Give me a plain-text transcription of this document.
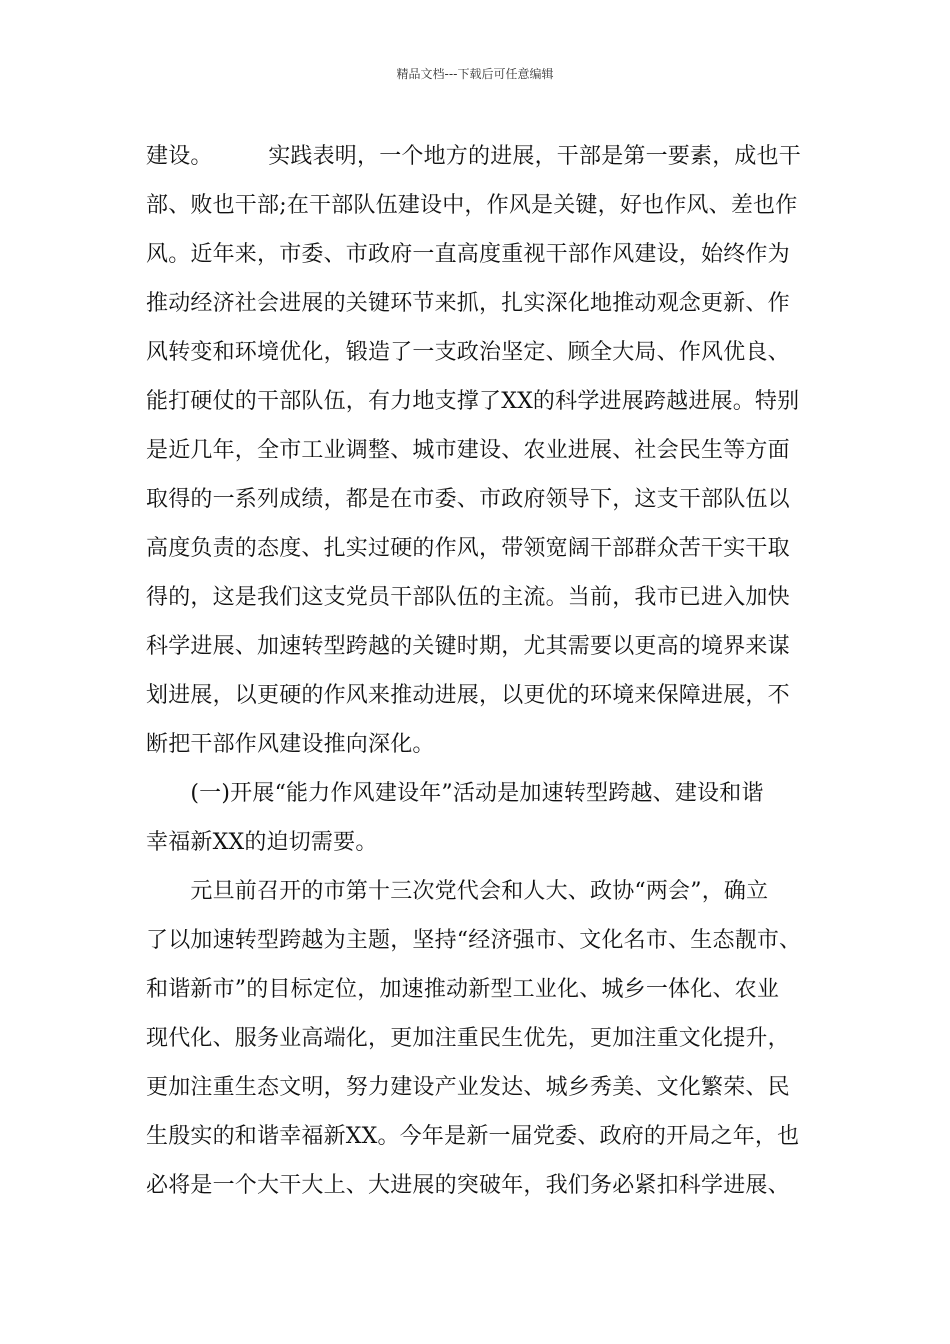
精品文档---下载后可任意编辑
建设。　　　实践表明，一个地方的进展，干部是第一要素，成也干
部、败也干部;在干部队伍建设中，作风是关键，好也作风、差也作
风。近年来，市委、市政府一直高度重视干部作风建设，始终作为
推动经济社会进展的关键环节来抓，扎实深化地推动观念更新、作
风转变和环境优化，锻造了一支政治坚定、顾全大局、作风优良、
能打硬仗的干部队伍，有力地支撑了XX的科学进展跨越进展。特别
是近几年，全市工业调整、城市建设、农业进展、社会民生等方面
取得的一系列成绩，都是在市委、市政府领导下，这支干部队伍以
高度负责的态度、扎实过硬的作风，带领宽阔干部群众苦干实干取
得的，这是我们这支党员干部队伍的主流。当前，我市已进入加快
科学进展、加速转型跨越的关键时期，尤其需要以更高的境界来谋
划进展，以更硬的作风来推动进展，以更优的环境来保障进展，不
断把干部作风建设推向深化。
　　(一)开展“能力作风建设年”活动是加速转型跨越、建设和谐
幸福新XX的迫切需要。
　　元旦前召开的市第十三次党代会和人大、政协“两会”，确立
了以加速转型跨越为主题，坚持“经济强市、文化名市、生态靓市、
和谐新市”的目标定位，加速推动新型工业化、城乡一体化、农业
现代化、服务业高端化，更加注重民生优先，更加注重文化提升，
更加注重生态文明，努力建设产业发达、城乡秀美、文化繁荣、民
生殷实的和谐幸福新XX。今年是新一届党委、政府的开局之年，也
必将是一个大干大上、大进展的突破年，我们务必紧扣科学进展、
